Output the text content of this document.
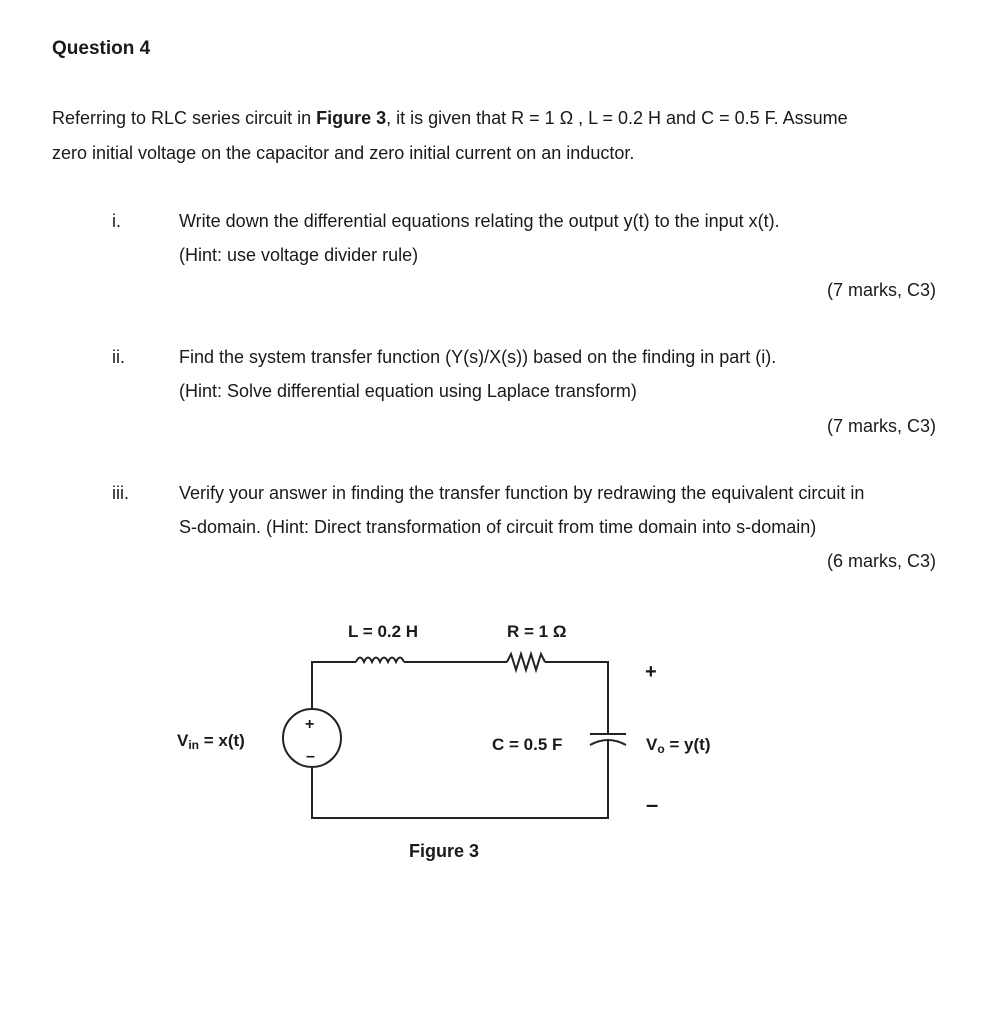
Question 4
Referring to RLC series circuit in Figure 3, it is given that R = 1 Ω , L = 0.2 H and C = 0.5 F. Assume
zero initial voltage on the capacitor and zero initial current on an inductor.
i.	Write down the differential equations relating the output y(t) to the input x(t).
(Hint: use voltage divider rule)
(7 marks, C3)
ii.	Find the system transfer function (Y(s)/X(s)) based on the finding in part (i).
(Hint: Solve differential equation using Laplace transform)
(7 marks, C3)
iii.	Verify your answer in finding the transfer function by redrawing the equivalent circuit in
S-domain. (Hint: Direct transformation of circuit from time domain into s-domain)
(6 marks, C3)
+
–
L = 0.2 H	R = 1 Ω
C = 0.5 F
Vin = x(t)
+
Vo = y(t)
–
Figure 3
